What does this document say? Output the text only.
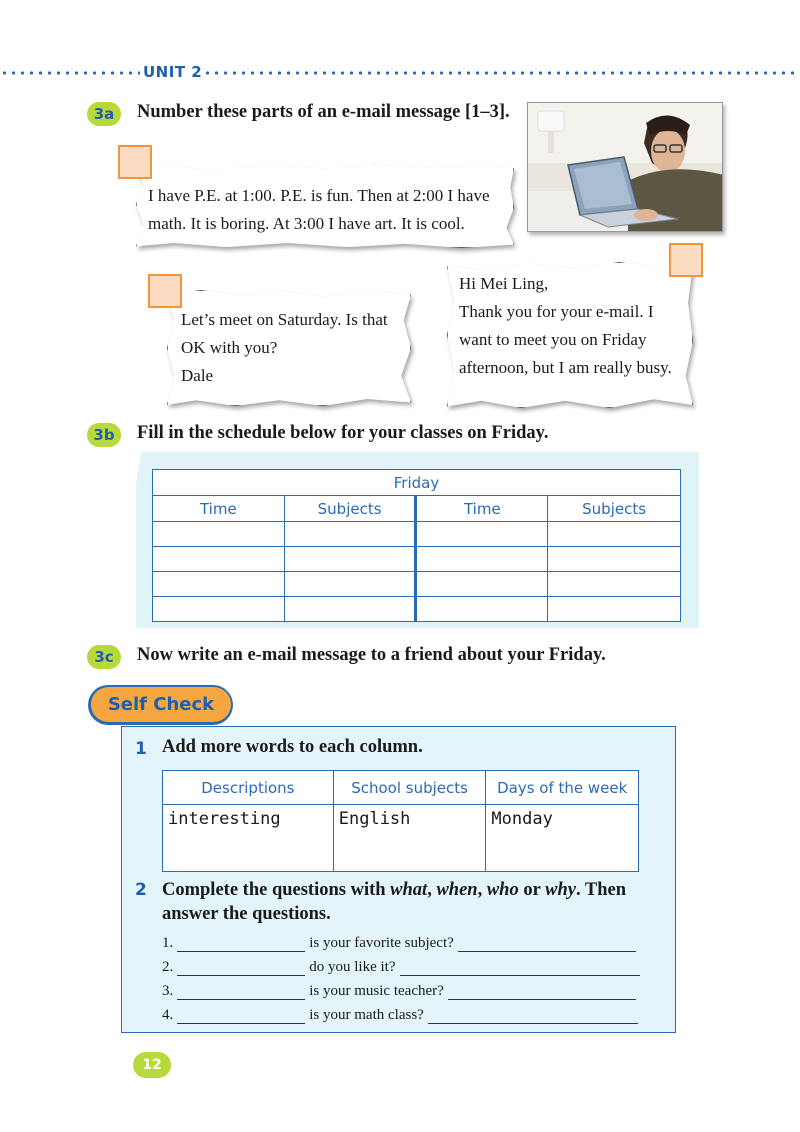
UNIT 2
3a	Number these parts of an e-mail message [1–3].
I have P.E. at 1:00. P.E. is fun. Then at 2:00 I have
math. It is boring. At 3:00 I have art. It is cool.
Let’s meet on Saturday. Is that
OK with you?
Dale
Hi Mei Ling,
Thank you for your e-mail. I
want to meet you on Friday
afternoon, but I am really busy.
3b	Fill in the schedule below for your classes on Friday.
Friday			
Time	Subjects	Time	Subjects

3c	Now write an e-mail message to a friend about your Friday.
Self Check
1 Add more words to each column.
Descriptions	School subjects	Days of the week
interesting	English	Monday
2 Complete the questions with what, when, who or why. Then
answer the questions.
1.	is your favorite subject?
2.	do you like it?
3.	is your music teacher?
4.	is your math class?
12
